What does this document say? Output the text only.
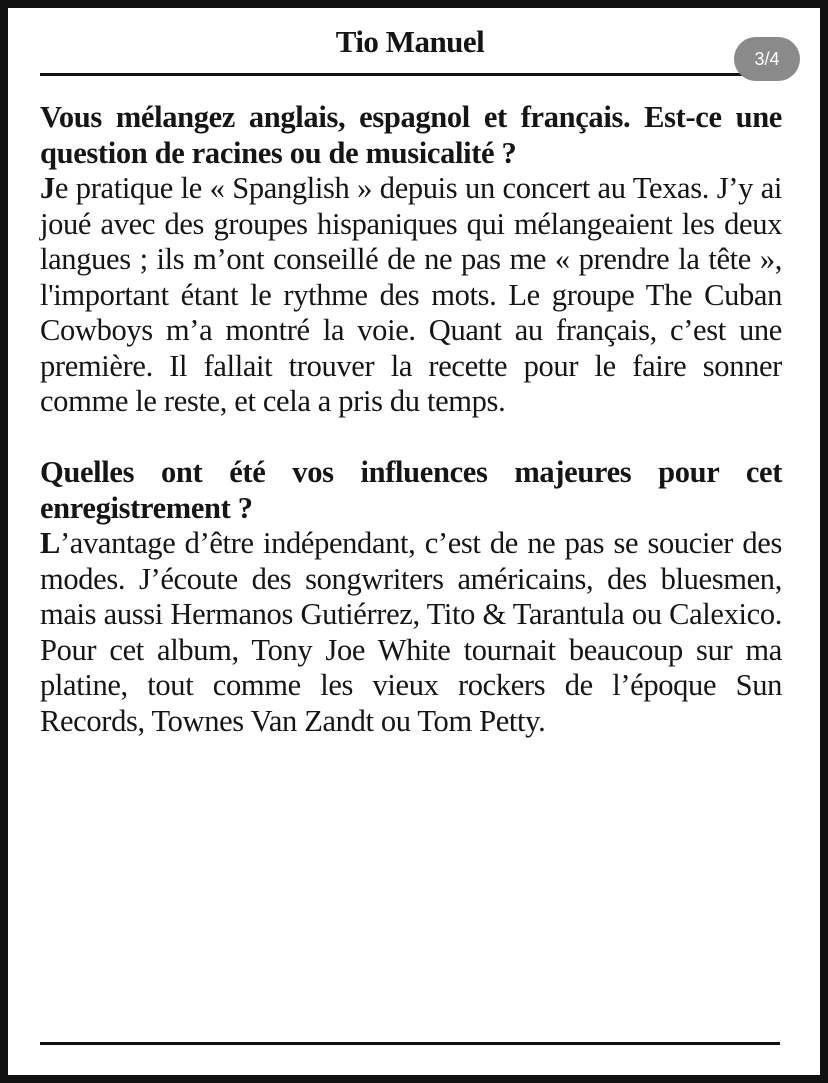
Tio Manuel	3/4

Vous mélangez anglais, espagnol et français. Est-ce une question de racines ou de musicalité ?

Je pratique le « Spanglish » depuis un concert au Texas. J’y ai joué avec des groupes hispaniques qui mélangeaient les deux langues ; ils m’ont conseillé de ne pas me « prendre la tête », l'important étant le rythme des mots. Le groupe The Cuban Cowboys m’a montré la voie. Quant au français, c’est une première. Il fallait trouver la recette pour le faire sonner comme le reste, et cela a pris du temps.

Quelles ont été vos influences majeures pour cet enregistrement ?

L’avantage d’être indépendant, c’est de ne pas se soucier des modes. J’écoute des songwriters américains, des bluesmen, mais aussi Hermanos Gutiérrez, Tito & Tarantula ou Calexico. Pour cet album, Tony Joe White tournait beaucoup sur ma platine, tout comme les vieux rockers de l’époque Sun Records, Townes Van Zandt ou Tom Petty.
